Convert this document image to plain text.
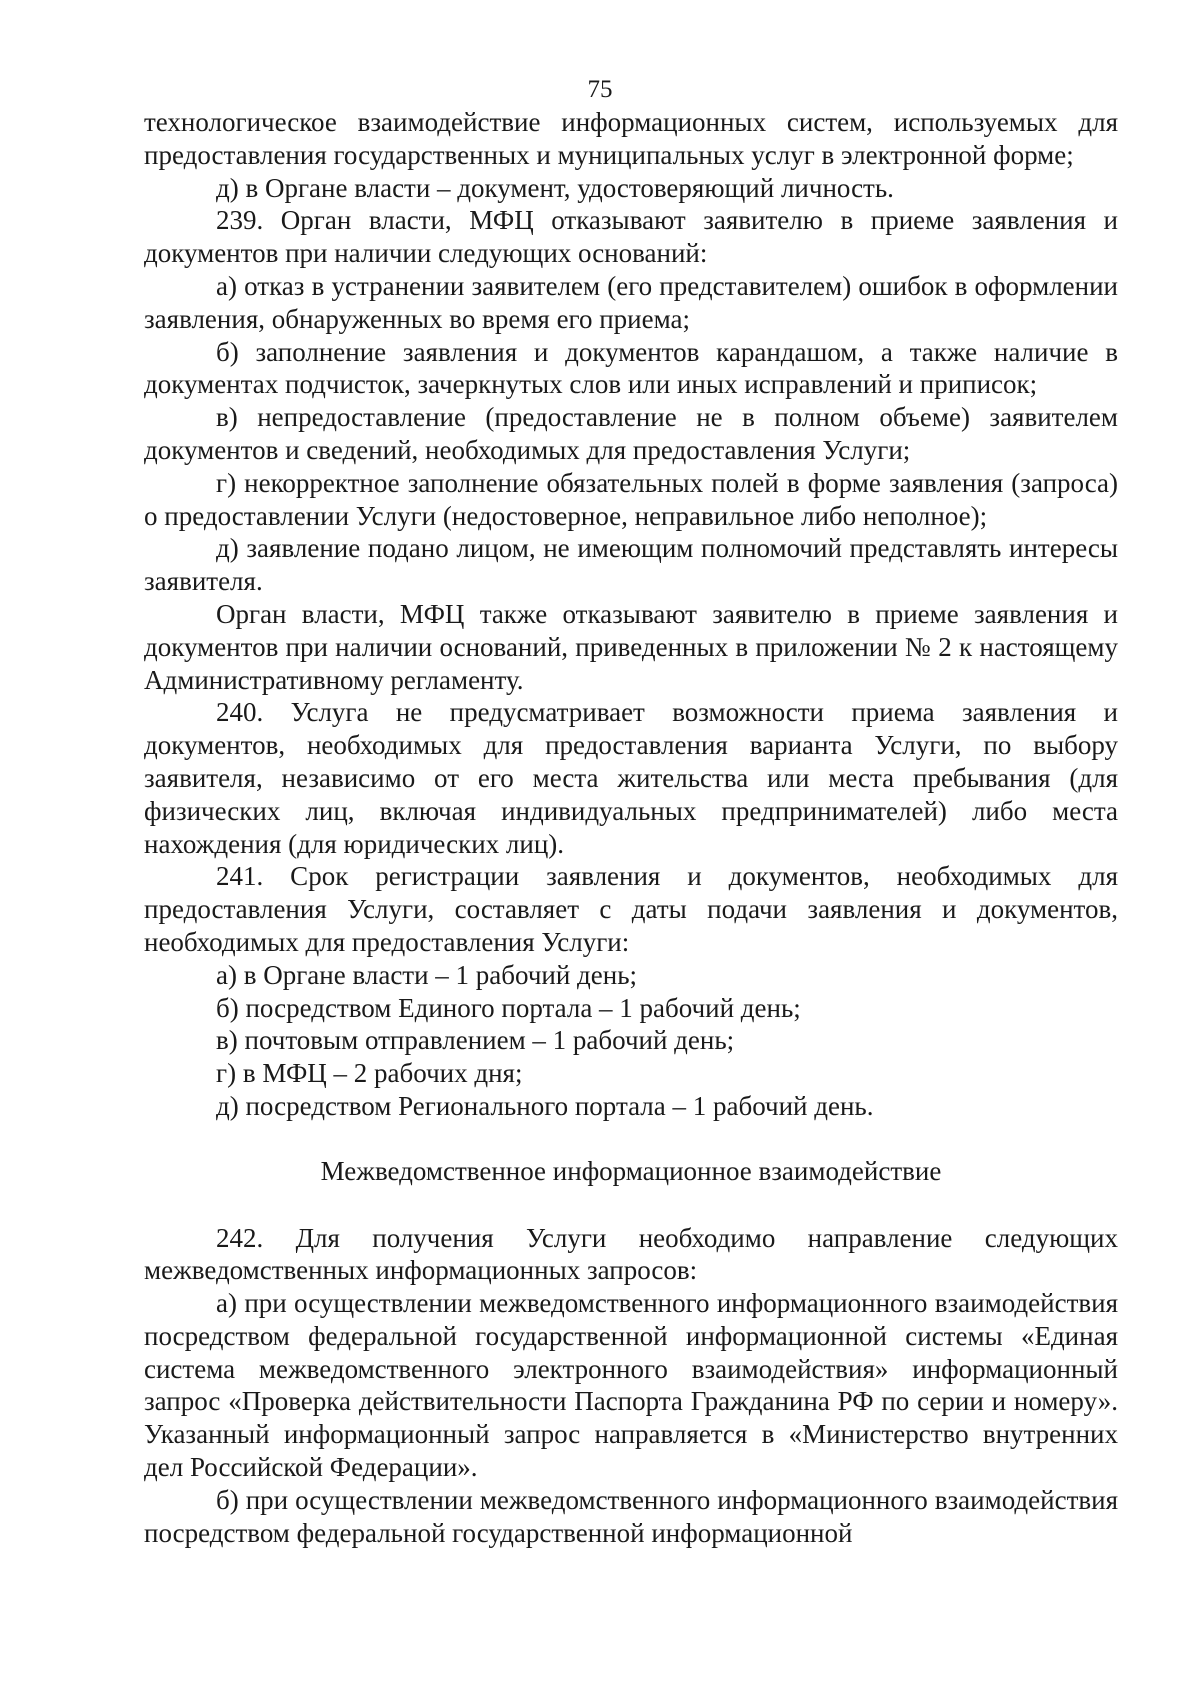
75

технологическое взаимодействие информационных систем, используемых для предоставления государственных и муниципальных услуг в электронной форме;

д) в Органе власти – документ, удостоверяющий личность.

239. Орган власти, МФЦ отказывают заявителю в приеме заявления и документов при наличии следующих оснований:

а) отказ в устранении заявителем (его представителем) ошибок в оформлении заявления, обнаруженных во время его приема;

б) заполнение заявления и документов карандашом, а также наличие в документах подчисток, зачеркнутых слов или иных исправлений и приписок;

в) непредоставление (предоставление не в полном объеме) заявителем документов и сведений, необходимых для предоставления Услуги;

г) некорректное заполнение обязательных полей в форме заявления (запроса) о предоставлении Услуги (недостоверное, неправильное либо неполное);

д) заявление подано лицом, не имеющим полномочий представлять интересы заявителя.

Орган власти, МФЦ также отказывают заявителю в приеме заявления и документов при наличии оснований, приведенных в приложении № 2 к настоящему Административному регламенту.

240. Услуга не предусматривает возможности приема заявления и документов, необходимых для предоставления варианта Услуги, по выбору заявителя, независимо от его места жительства или места пребывания (для физических лиц, включая индивидуальных предпринимателей) либо места нахождения (для юридических лиц).

241. Срок регистрации заявления и документов, необходимых для предоставления Услуги, составляет с даты подачи заявления и документов, необходимых для предоставления Услуги:

а) в Органе власти – 1 рабочий день;

б) посредством Единого портала – 1 рабочий день;

в) почтовым отправлением – 1 рабочий день;

г) в МФЦ – 2 рабочих дня;

д) посредством Регионального портала – 1 рабочий день.

Межведомственное информационное взаимодействие

242. Для получения Услуги необходимо направление следующих межведомственных информационных запросов:

а) при осуществлении межведомственного информационного взаимодействия посредством федеральной государственной информационной системы «Единая система межведомственного электронного взаимодействия» информационный запрос «Проверка действительности Паспорта Гражданина РФ по серии и номеру». Указанный информационный запрос направляется в «Министерство внутренних дел Российской Федерации».

б) при осуществлении межведомственного информационного взаимодействия посредством федеральной государственной информационной
